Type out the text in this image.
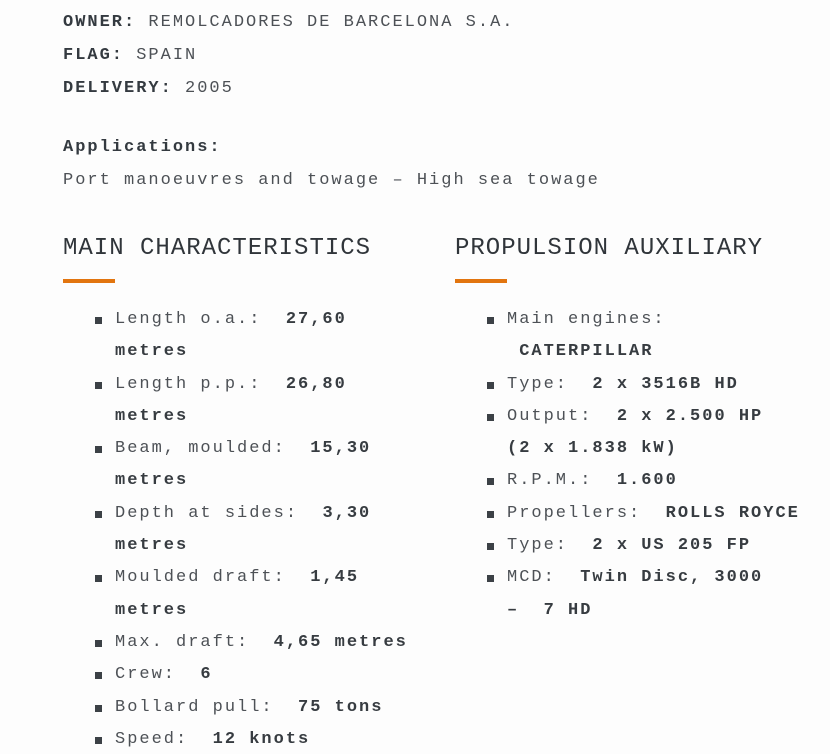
OWNER: REMOLCADORES DE BARCELONA S.A.

FLAG: SPAIN

DELIVERY: 2005

Applications:

Port manoeuvres and towage – High sea towage

MAIN CHARACTERISTICS
Length o.a.:  27,60
metres
Length p.p.:  26,80
metres
Beam, moulded:  15,30
metres
Depth at sides:  3,30
metres
Moulded draft:  1,45
metres
Max. draft:  4,65 metres
Crew:  6
Bollard pull:  75 tons
Speed:  12 knots
PROPULSION AUXILIARY
Main engines:
CATERPILLAR
Type:  2 x 3516B HD
Output:  2 x 2.500 HP
(2 x 1.838 kW)
R.P.M.:  1.600
Propellers:  ROLLS ROYCE
Type:  2 x US 205 FP
MCD:  Twin Disc, 3000
–  7 HD
